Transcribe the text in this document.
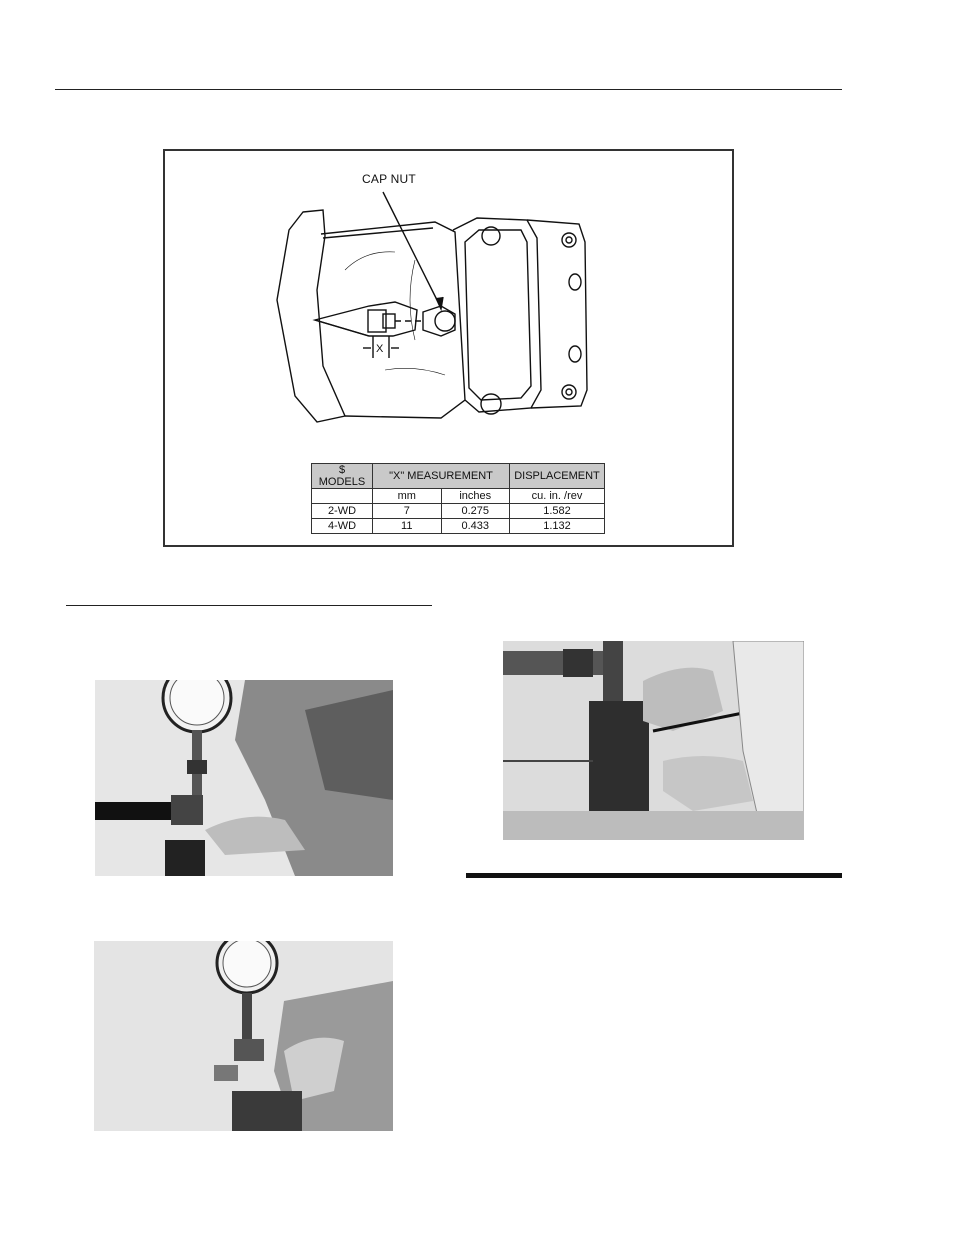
CAP NUT
X
$ MODELS	"X" MEASUREMENT		DISPLACEMENT
	mm	inches	cu. in. /rev
2-WD	7	0.275	1.582
4-WD	11	0.433	1.132
